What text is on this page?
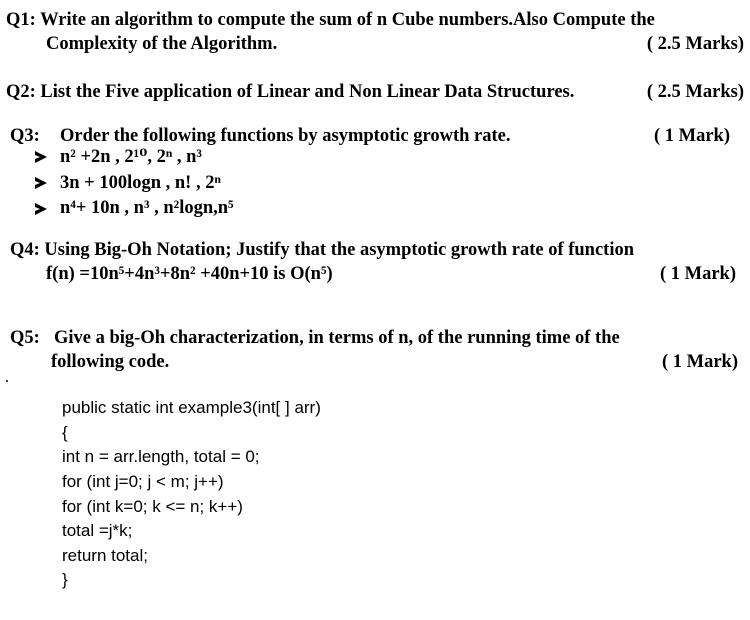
Q1: Write an algorithm to compute the sum of n Cube numbers.Also Compute the
Complexity of the Algorithm.	( 2.5 Marks)
Q2: List the Five application of Linear and Non Linear Data Structures.	( 2.5 Marks)
Q3: Order the following functions by asymptotic growth rate.	( 1 Mark)
n² +2n , 2¹⁰, 2ⁿ , n³
3n + 100logn , n! , 2ⁿ
n⁴+ 10n , n³ , n²logn,n⁵
Q4: Using Big-Oh Notation; Justify that the asymptotic growth rate of function
f(n) =10n⁵+4n³+8n² +40n+10 is O(n⁵)	( 1 Mark)
Q5: Give a big-Oh characterization, in terms of n, of the running time of the
following code.	( 1 Mark)
public static int example3(int[ ] arr)
{
int n = arr.length, total = 0;
for (int j=0; j < m; j++)
for (int k=0; k <= n; k++)
total =j*k;
return total;
}
